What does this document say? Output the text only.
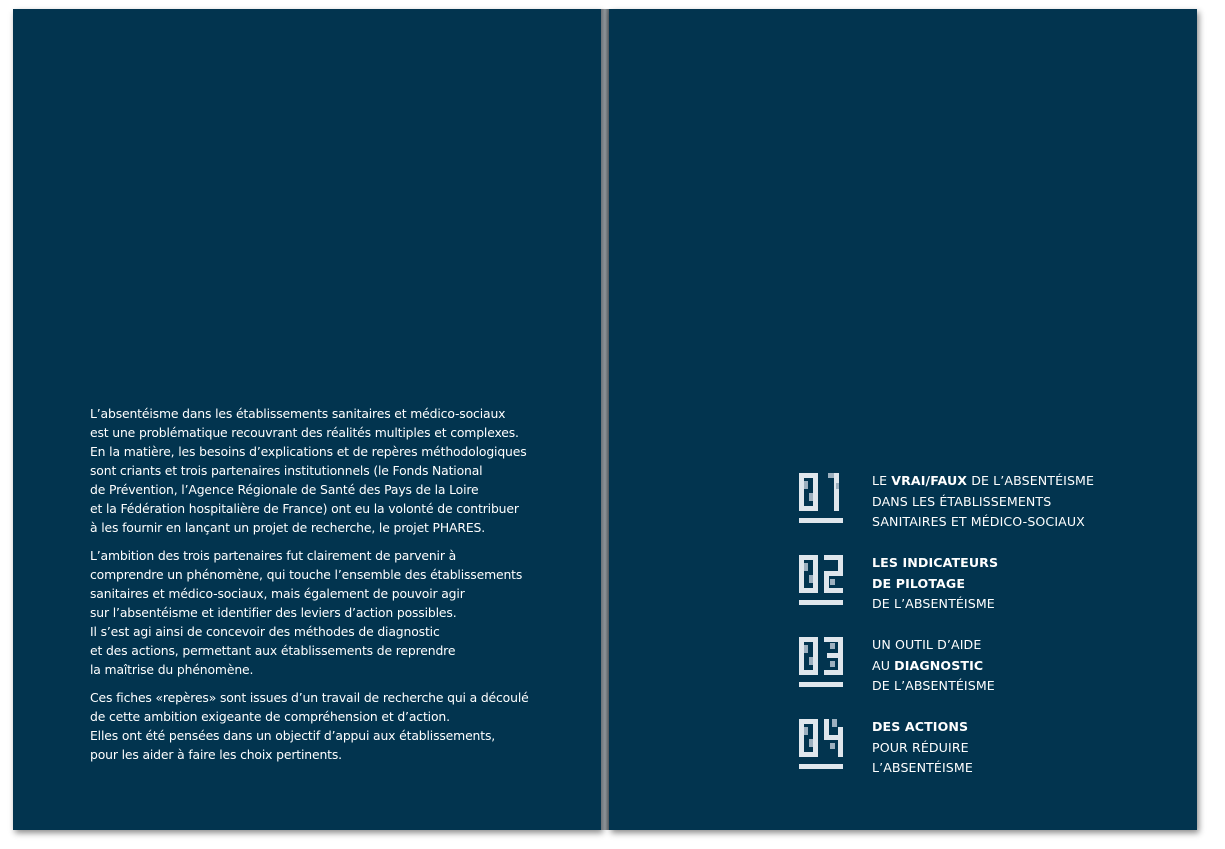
L’absentéisme dans les établissements sanitaires et médico-sociaux
est une problématique recouvrant des réalités multiples et complexes.
En la matière, les besoins d’explications et de repères méthodologiques
sont criants et trois partenaires institutionnels (le Fonds National
de Prévention, l’Agence Régionale de Santé des Pays de la Loire
et la Fédération hospitalière de France) ont eu la volonté de contribuer
à les fournir en lançant un projet de recherche, le projet PHARES.

L’ambition des trois partenaires fut clairement de parvenir à
comprendre un phénomène, qui touche l’ensemble des établissements
sanitaires et médico-sociaux, mais également de pouvoir agir
sur l’absentéisme et identifier des leviers d’action possibles.
Il s’est agi ainsi de concevoir des méthodes de diagnostic
et des actions, permettant aux établissements de reprendre
la maîtrise du phénomène.

Ces fiches «repères» sont issues d’un travail de recherche qui a découlé
de cette ambition exigeante de compréhension et d’action.
Elles ont été pensées dans un objectif d’appui aux établissements,
pour les aider à faire les choix pertinents.

LE VRAI/FAUX DE L’ABSENTÉISME
DANS LES ÉTABLISSEMENTS
SANITAIRES ET MÉDICO-SOCIAUX
LES INDICATEURS
DE PILOTAGE
DE L’ABSENTÉISME
UN OUTIL D’AIDE
AU DIAGNOSTIC
DE L’ABSENTÉISME
DES ACTIONS
POUR RÉDUIRE
L’ABSENTÉISME
